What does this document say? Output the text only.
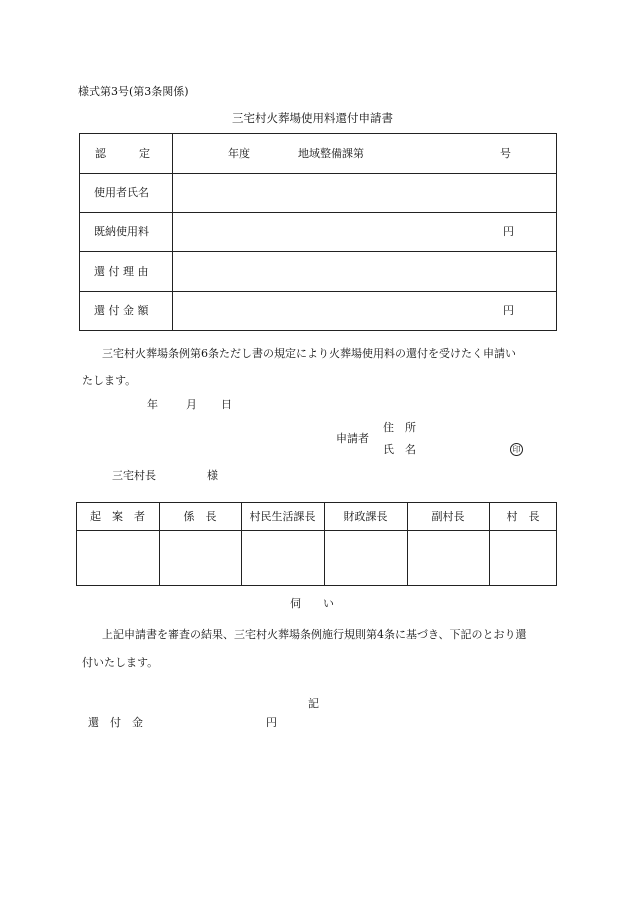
様式第3号(第3条関係)
三宅村火葬場使用料還付申請書
認　　　定	年度	地域整備課第	号
使用者氏名
既納使用料	円
還 付 理 由
還 付 金 額	円
三宅村火葬場条例第6条ただし書の規定により火葬場使用料の還付を受けたく申請い
たします。
年	月 日
申請者
住　所
氏　名	印
三宅村長	様
起　案　者	係　長	村民生活課長	財政課長	副村長	村　長
伺　　い
上記申請書を審査の結果、三宅村火葬場条例施行規則第4条に基づき、下記のとおり還
付いたします。
記
還　付　金	円
